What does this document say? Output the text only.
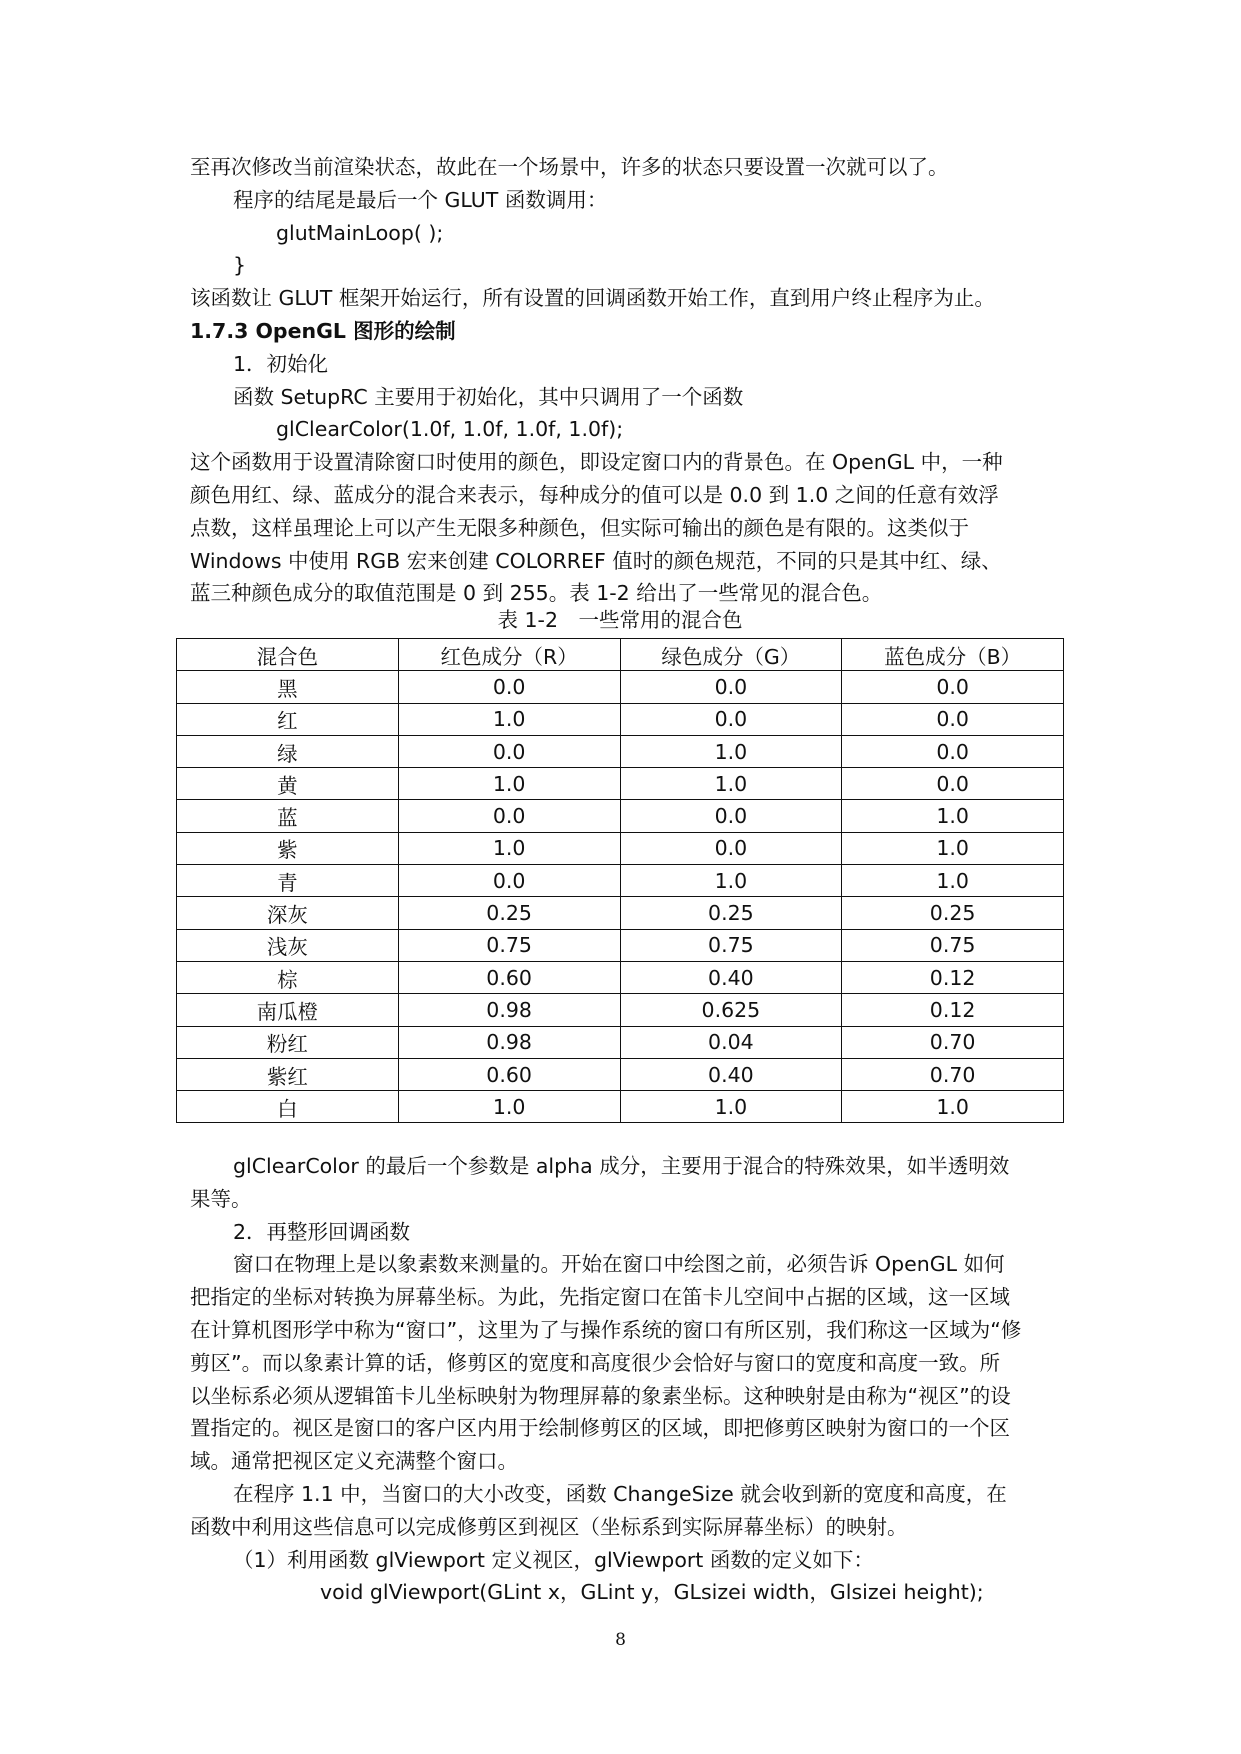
至再次修改当前渲染状态，故此在一个场景中，许多的状态只要设置一次就可以了。
程序的结尾是最后一个 GLUT 函数调用：
glutMainLoop( );
}
该函数让 GLUT 框架开始运行，所有设置的回调函数开始工作，直到用户终止程序为止。
1.7.3 OpenGL 图形的绘制
1．初始化
函数 SetupRC 主要用于初始化，其中只调用了一个函数
glClearColor(1.0f, 1.0f, 1.0f, 1.0f);
这个函数用于设置清除窗口时使用的颜色，即设定窗口内的背景色。在 OpenGL 中，一种
颜色用红、绿、蓝成分的混合来表示，每种成分的值可以是 0.0 到 1.0 之间的任意有效浮
点数，这样虽理论上可以产生无限多种颜色，但实际可输出的颜色是有限的。这类似于
Windows 中使用 RGB 宏来创建 COLORREF 值时的颜色规范，不同的只是其中红、绿、
蓝三种颜色成分的取值范围是 0 到 255。表 1-2 给出了一些常见的混合色。
表 1-2　一些常用的混合色
混合色	红色成分（R）	绿色成分（G）	蓝色成分（B）
黑	0.0	0.0	0.0
红	1.0	0.0	0.0
绿	0.0	1.0	0.0
黄	1.0	1.0	0.0
蓝	0.0	0.0	1.0
紫	1.0	0.0	1.0
青	0.0	1.0	1.0
深灰	0.25	0.25	0.25
浅灰	0.75	0.75	0.75
棕	0.60	0.40	0.12
南瓜橙	0.98	0.625	0.12
粉红	0.98	0.04	0.70
紫红	0.60	0.40	0.70
白	1.0	1.0	1.0
glClearColor 的最后一个参数是 alpha 成分，主要用于混合的特殊效果，如半透明效
果等。
2．再整形回调函数
窗口在物理上是以象素数来测量的。开始在窗口中绘图之前，必须告诉 OpenGL 如何
把指定的坐标对转换为屏幕坐标。为此，先指定窗口在笛卡儿空间中占据的区域，这一区域
在计算机图形学中称为“窗口”，这里为了与操作系统的窗口有所区别，我们称这一区域为“修
剪区”。而以象素计算的话，修剪区的宽度和高度很少会恰好与窗口的宽度和高度一致。所
以坐标系必须从逻辑笛卡儿坐标映射为物理屏幕的象素坐标。这种映射是由称为“视区”的设
置指定的。视区是窗口的客户区内用于绘制修剪区的区域，即把修剪区映射为窗口的一个区
域。通常把视区定义充满整个窗口。
在程序 1.1 中，当窗口的大小改变，函数 ChangeSize 就会收到新的宽度和高度，在
函数中利用这些信息可以完成修剪区到视区（坐标系到实际屏幕坐标）的映射。
（1）利用函数 glViewport 定义视区，glViewport 函数的定义如下：
void glViewport(GLint x，GLint y，GLsizei width，Glsizei height);
8
